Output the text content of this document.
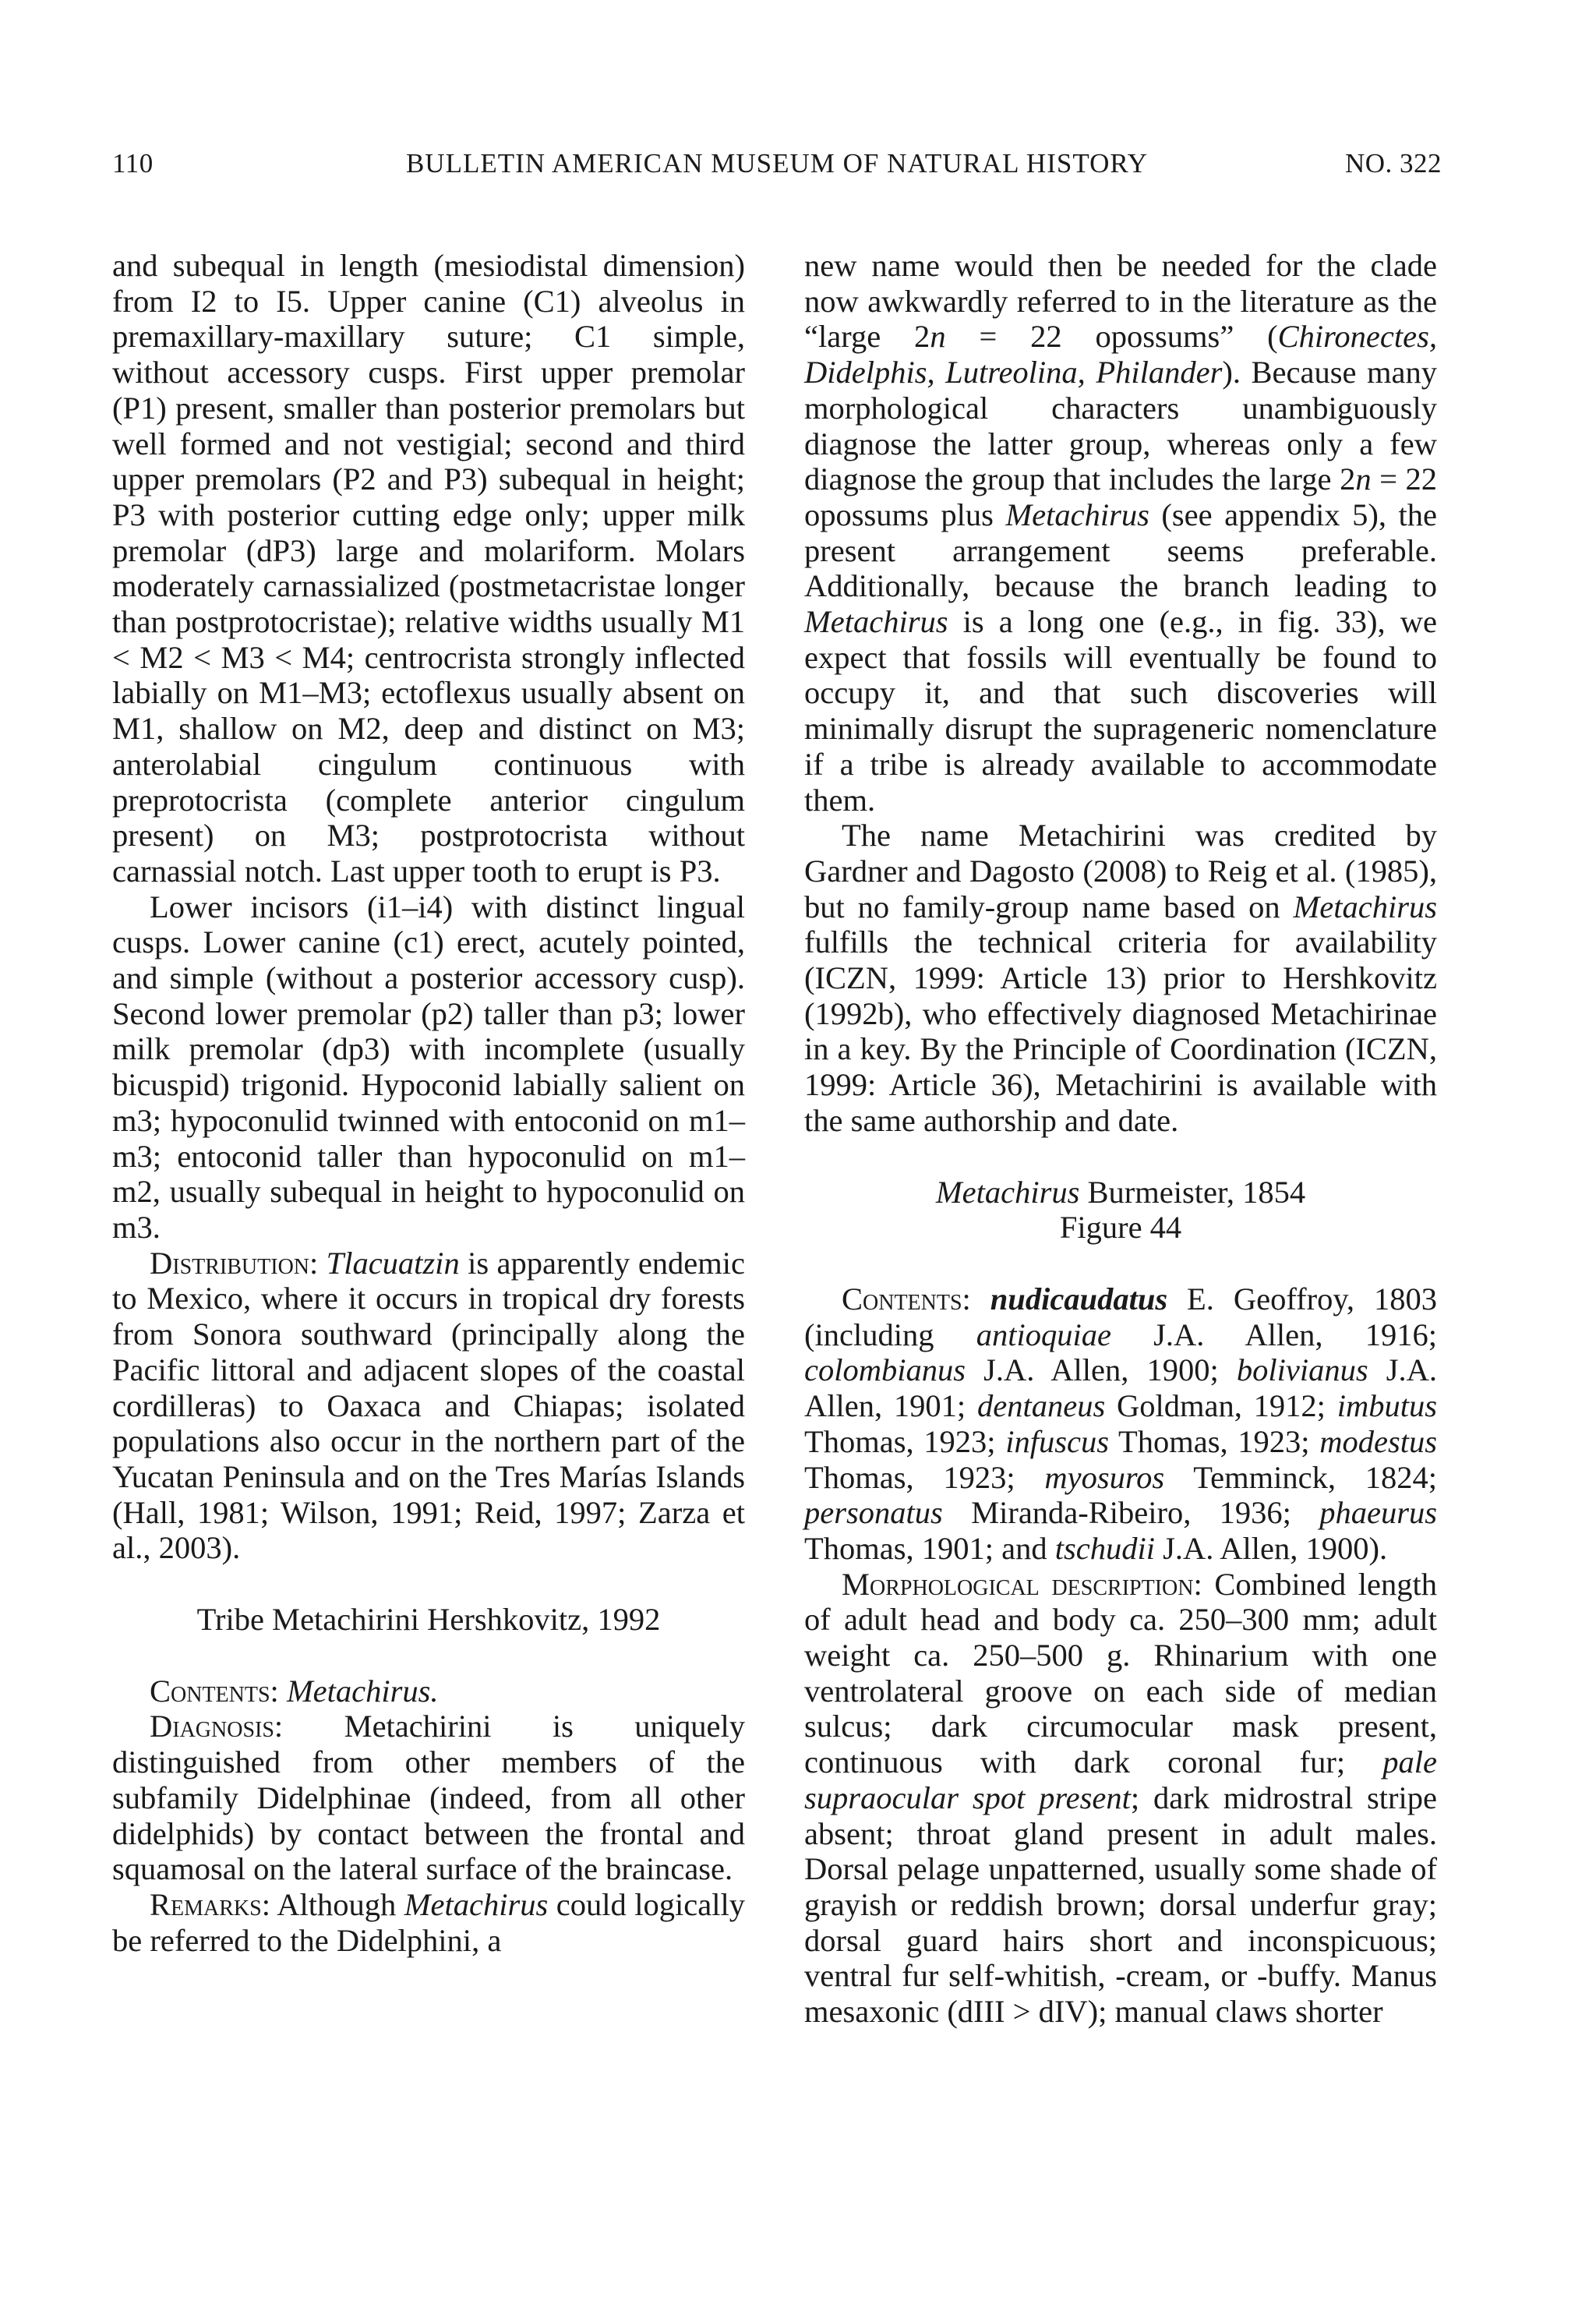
110	BULLETIN AMERICAN MUSEUM OF NATURAL HISTORY	NO. 322

and subequal in length (mesiodistal dimension) from I2 to I5. Upper canine (C1) alveolus in premaxillary-maxillary suture; C1 simple, without accessory cusps. First upper premolar (P1) present, smaller than posterior premolars but well formed and not vestigial; second and third upper premolars (P2 and P3) subequal in height; P3 with posterior cutting edge only; upper milk premolar (dP3) large and molariform. Molars moderately carnassialized (postmetacristae longer than postprotocristae); relative widths usually M1 < M2 < M3 < M4; centrocrista strongly inflected labially on M1–M3; ectoflexus usually absent on M1, shallow on M2, deep and distinct on M3; anterolabial cingulum continuous with preprotocrista (complete anterior cingulum present) on M3; postprotocrista without carnassial notch. Last upper tooth to erupt is P3.

Lower incisors (i1–i4) with distinct lingual cusps. Lower canine (c1) erect, acutely pointed, and simple (without a posterior accessory cusp). Second lower premolar (p2) taller than p3; lower milk premolar (dp3) with incomplete (usually bicuspid) trigonid. Hypoconid labially salient on m3; hypoconulid twinned with entoconid on m1–m3; entoconid taller than hypoconulid on m1–m2, usually subequal in height to hypoconulid on m3.

Distribution: Tlacuatzin is apparently endemic to Mexico, where it occurs in tropical dry forests from Sonora southward (principally along the Pacific littoral and adjacent slopes of the coastal cordilleras) to Oaxaca and Chiapas; isolated populations also occur in the northern part of the Yucatan Peninsula and on the Tres Marías Islands (Hall, 1981; Wilson, 1991; Reid, 1997; Zarza et al., 2003).

Tribe Metachirini Hershkovitz, 1992

Contents: Metachirus.

Diagnosis: Metachirini is uniquely distinguished from other members of the subfamily Didelphinae (indeed, from all other didelphids) by contact between the frontal and squamosal on the lateral surface of the braincase.

Remarks: Although Metachirus could logically be referred to the Didelphini, a

new name would then be needed for the clade now awkwardly referred to in the literature as the “large 2n = 22 opossums” (Chironectes, Didelphis, Lutreolina, Philander). Because many morphological characters unambiguously diagnose the latter group, whereas only a few diagnose the group that includes the large 2n = 22 opossums plus Metachirus (see appendix 5), the present arrangement seems preferable. Additionally, because the branch leading to Metachirus is a long one (e.g., in fig. 33), we expect that fossils will eventually be found to occupy it, and that such discoveries will minimally disrupt the suprageneric nomenclature if a tribe is already available to accommodate them.

The name Metachirini was credited by Gardner and Dagosto (2008) to Reig et al. (1985), but no family-group name based on Metachirus fulfills the technical criteria for availability (ICZN, 1999: Article 13) prior to Hershkovitz (1992b), who effectively diagnosed Metachirinae in a key. By the Principle of Coordination (ICZN, 1999: Article 36), Metachirini is available with the same authorship and date.

Metachirus Burmeister, 1854

Figure 44

Contents: nudicaudatus E. Geoffroy, 1803 (including antioquiae J.A. Allen, 1916; colombianus J.A. Allen, 1900; bolivianus J.A. Allen, 1901; dentaneus Goldman, 1912; imbutus Thomas, 1923; infuscus Thomas, 1923; modestus Thomas, 1923; myosuros Temminck, 1824; personatus Miranda-Ribeiro, 1936; phaeurus Thomas, 1901; and tschudii J.A. Allen, 1900).

Morphological description: Combined length of adult head and body ca. 250–300 mm; adult weight ca. 250–500 g. Rhinarium with one ventrolateral groove on each side of median sulcus; dark circumocular mask present, continuous with dark coronal fur; pale supraocular spot present; dark midrostral stripe absent; throat gland present in adult males. Dorsal pelage unpatterned, usually some shade of grayish or reddish brown; dorsal underfur gray; dorsal guard hairs short and inconspicuous; ventral fur self-whitish, -cream, or -buffy. Manus mesaxonic (dIII > dIV); manual claws shorter
